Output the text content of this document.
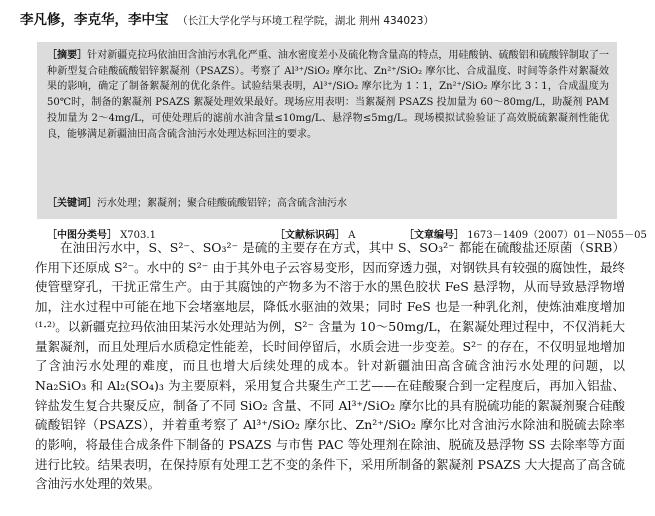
李凡修，李克华，李中宝 （长江大学化学与环境工程学院，湖北 荆州 434023）
［摘要］针对新疆克拉玛依油田含油污水乳化严重、油水密度差小及硫化物含量高的特点，用硅酸钠、硫酸铝和硫酸锌制取了一种新型复合硅酸硫酸铝锌絮凝剂（PSAZS）。考察了 Al³⁺/SiO₂ 摩尔比、Zn²⁺/SiO₂ 摩尔比、合成温度、时间等条件对絮凝效果的影响，确定了制备絮凝剂的优化条件。试验结果表明，Al³⁺/SiO₂ 摩尔比为 1∶1，Zn²⁺/SiO₂ 摩尔比 3∶1，合成温度为 50℃时，制备的絮凝剂 PSAZS 絮凝处理效果最好。现场应用表明：当絮凝剂 PSAZS 投加量为 60～80mg/L，助凝剂 PAM 投加量为 2～4mg/L，可使处理后的滤前水油含量≤10mg/L、悬浮物≤5mg/L。现场模拟试验验证了高效脱硫絮凝剂性能优良，能够满足新疆油田高含硫含油污水处理达标回注的要求。
［关键词］污水处理；絮凝剂；聚合硅酸硫酸铝锌；高含硫含油污水
［中图分类号］ X703.1	［文献标识码］ A	［文章编号］ 1673－1409（2007）01－N055－05

在油田污水中，S、S²⁻、SO₃²⁻ 是硫的主要存在方式，其中 S、SO₃²⁻ 都能在硫酸盐还原菌（SRB）作用下还原成 S²⁻。水中的 S²⁻ 由于其外电子云容易变形，因而穿透力强，对钢铁具有较强的腐蚀性，最终使管壁穿孔，干扰正常生产。由于其腐蚀的产物多为不溶于水的黑色胶状 FeS 悬浮物，从而导致悬浮物增加，注水过程中可能在地下会堵塞地层，降低水驱油的效果；同时 FeS 也是一种乳化剂，使炼油难度增加⁽¹·²⁾。以新疆克拉玛依油田某污水处理站为例，S²⁻ 含量为 10～50mg/L，在絮凝处理过程中，不仅消耗大量絮凝剂，而且处理后水质稳定性能差，长时间停留后，水质会进一步变差。S²⁻ 的存在，不仅明显地增加了含油污水处理的难度，而且也增大后续处理的成本。针对新疆油田高含硫含油污水处理的问题，以 Na₂SiO₃ 和 Al₂(SO₄)₃ 为主要原料，采用复合共聚生产工艺——在硅酸聚合到一定程度后，再加入铝盐、锌盐发生复合共聚反应，制备了不同 SiO₂ 含量、不同 Al³⁺/SiO₂ 摩尔比的具有脱硫功能的絮凝剂聚合硅酸硫酸铝锌（PSAZS），并着重考察了 Al³⁺/SiO₂ 摩尔比、Zn²⁺/SiO₂ 摩尔比对含油污水除油和脱硫去除率的影响，将最佳合成条件下制备的 PSAZS 与市售 PAC 等处理剂在除油、脱硫及悬浮物 SS 去除率等方面进行比较。结果表明，在保持原有处理工艺不变的条件下，采用所制备的絮凝剂 PSAZS 大大提高了高含硫含油污水处理的效果。
